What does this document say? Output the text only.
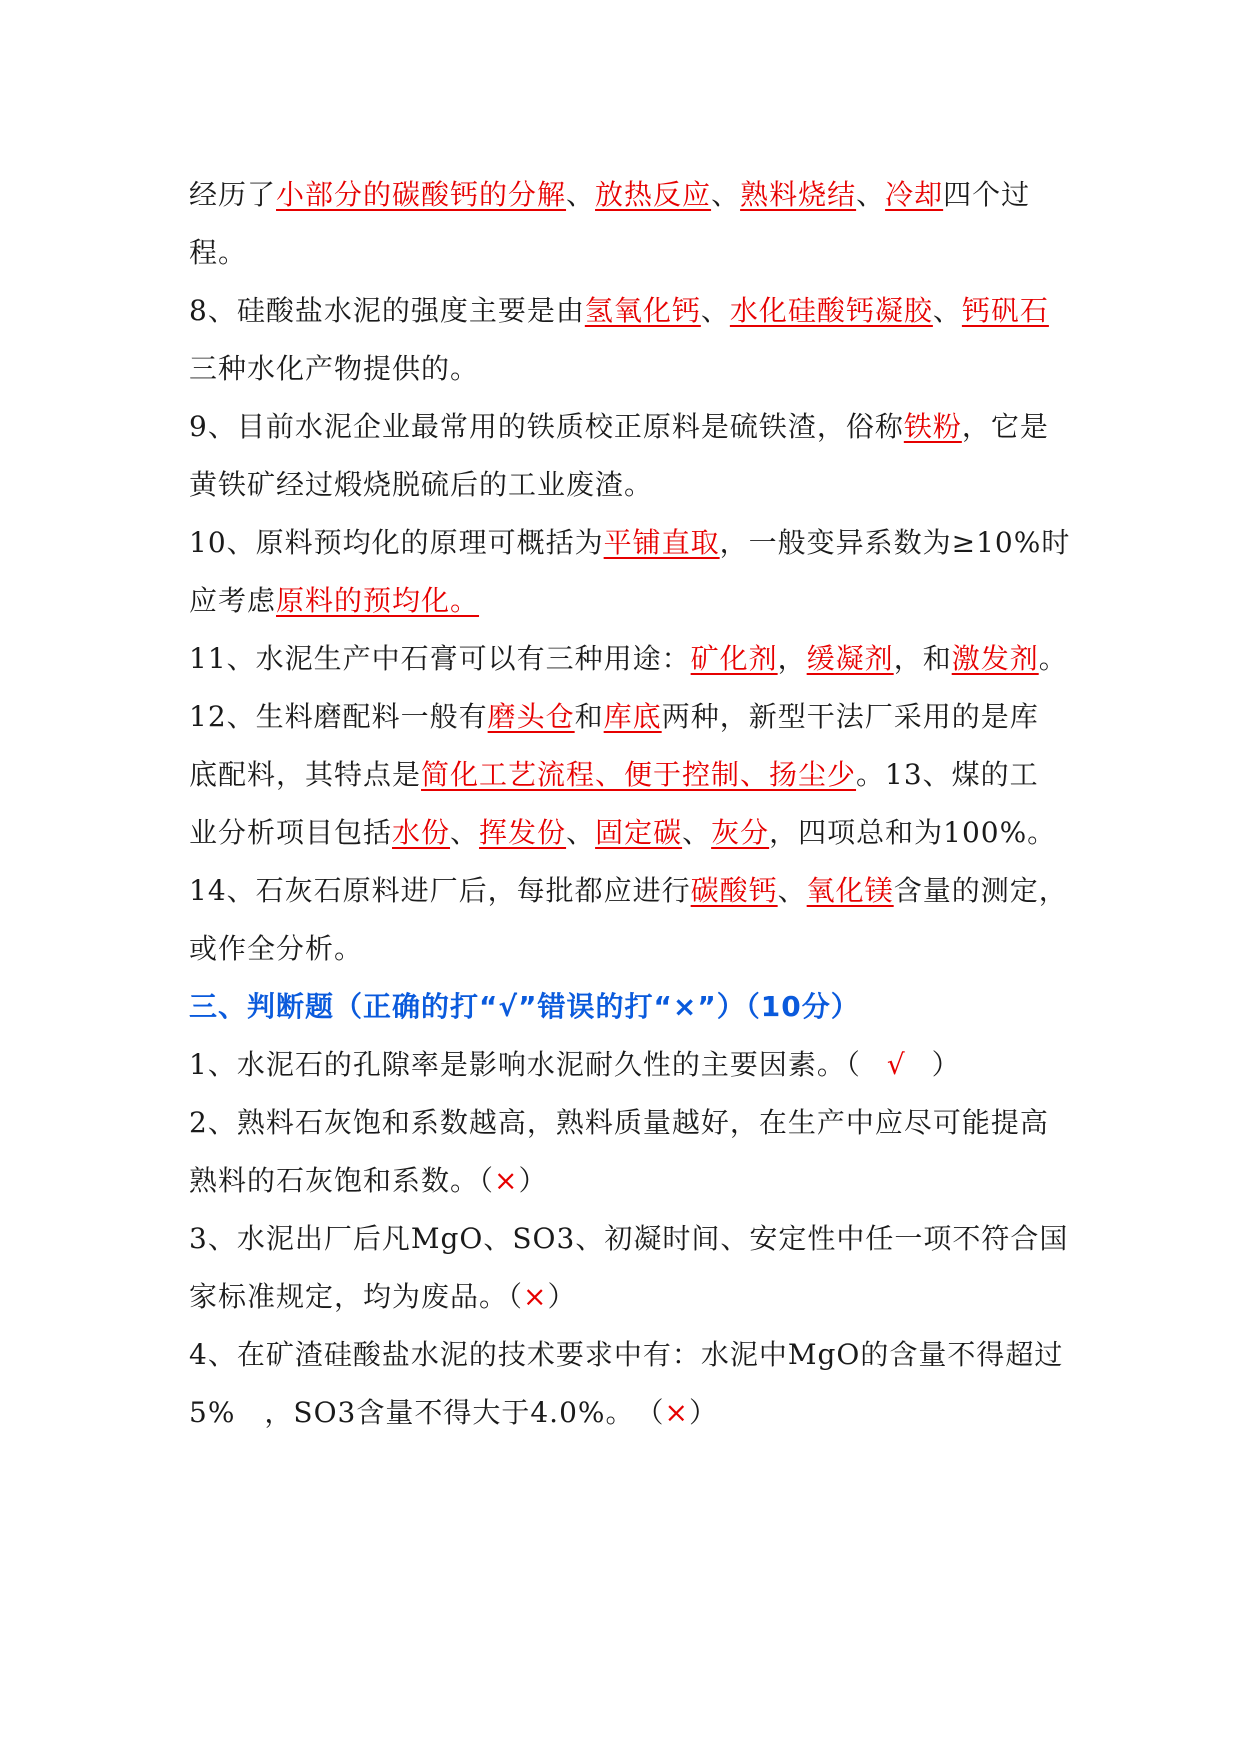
经历了小部分的碳酸钙的分解、放热反应、熟料烧结、冷却四个过
程。
8、硅酸盐水泥的强度主要是由氢氧化钙、水化硅酸钙凝胶、钙矾石
三种水化产物提供的。
9、目前水泥企业最常用的铁质校正原料是硫铁渣，俗称铁粉，它是
黄铁矿经过煅烧脱硫后的工业废渣。
10、原料预均化的原理可概括为平铺直取，一般变异系数为≥10%时
应考虑原料的预均化。
11、水泥生产中石膏可以有三种用途：矿化剂，缓凝剂，和激发剂。
12、生料磨配料一般有磨头仓和库底两种，新型干法厂采用的是库
底配料，其特点是简化工艺流程、便于控制、扬尘少。13、煤的工
业分析项目包括水份、挥发份、固定碳、灰分，四项总和为100%。
14、石灰石原料进厂后，每批都应进行碳酸钙、氧化镁含量的测定，
或作全分析。
三、判断题（正确的打“√”错误的打“×”）（10分）
1、水泥石的孔隙率是影响水泥耐久性的主要因素。（ √ ）
2、熟料石灰饱和系数越高，熟料质量越好，在生产中应尽可能提高
熟料的石灰饱和系数。（×）
3、水泥出厂后凡MgO、SO3、初凝时间、安定性中任一项不符合国
家标准规定，均为废品。（×）
4、在矿渣硅酸盐水泥的技术要求中有：水泥中MgO的含量不得超过
5%　，SO3含量不得大于4.0%。　（×）
